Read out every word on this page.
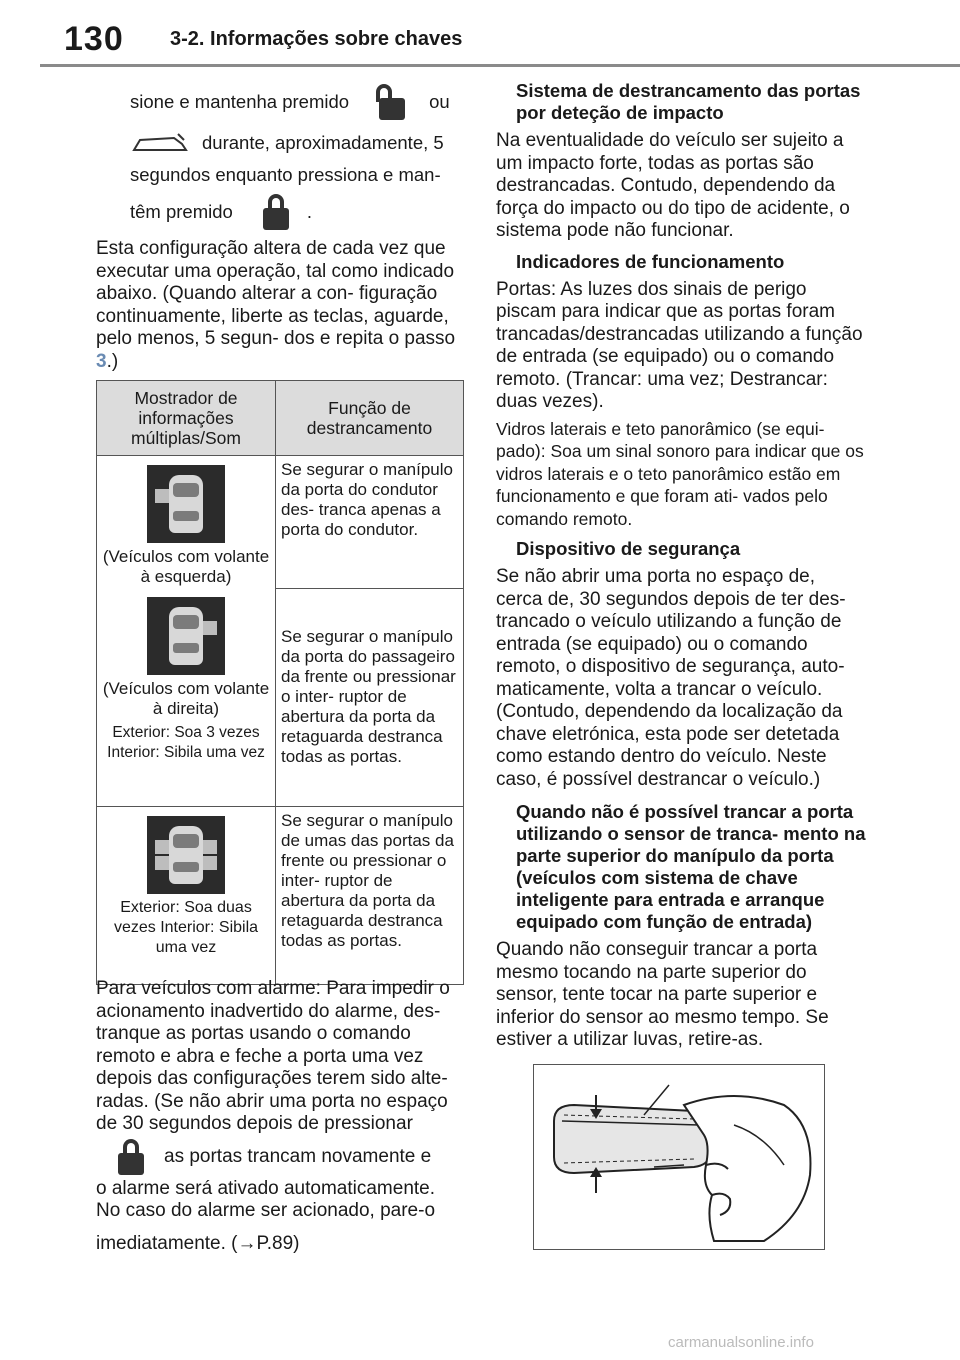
130 3-2. Informações sobre chaves
sione e mantenha premido	ou
durante, aproximadamente, 5
segundos enquanto pressiona e man-
têm premido	.

Esta configuração altera de cada vez que executar uma operação, tal como indicado abaixo. (Quando alterar a con- figuração continuamente, liberte as teclas, aguarde, pelo menos, 5 segun- dos e repita o passo 3.)

Mostrador de informações múltiplas/Som	Função de destrancamento

(Veículos com volante à esquerda)	Se segurar o manípulo da porta do condutor des- tranca apenas a porta do condutor.

(Veículos com volante à direita)
Exterior: Soa 3 vezes Interior: Sibila uma vez	Se segurar o manípulo da porta do passageiro da frente ou pressionar o inter- ruptor de abertura da porta da retaguarda destranca todas as portas.

Exterior: Soa duas vezes Interior: Sibila uma vez	Se segurar o manípulo de umas das portas da frente ou pressionar o inter- ruptor de abertura da porta da retaguarda destranca todas as portas.

Para veículos com alarme: Para impedir o acionamento inadvertido do alarme, des- tranque as portas usando o comando remoto e abra e feche a porta uma vez depois das configurações terem sido alte- radas. (Se não abrir uma porta no espaço de 30 segundos depois de pressionar

as portas trancam novamente e

o alarme será ativado automaticamente. No caso do alarme ser acionado, pare-o

imediatamente. (→P.89)

Sistema de destrancamento das portas por deteção de impacto

Na eventualidade do veículo ser sujeito a um impacto forte, todas as portas são destrancadas. Contudo, dependendo da força do impacto ou do tipo de acidente, o sistema pode não funcionar.

Indicadores de funcionamento

Portas: As luzes dos sinais de perigo piscam para indicar que as portas foram trancadas/destrancadas utilizando a função de entrada (se equipado) ou o comando remoto. (Trancar: uma vez; Destrancar: duas vezes).

Vidros laterais e teto panorâmico (se equi- pado): Soa um sinal sonoro para indicar que os vidros laterais e o teto panorâmico estão em funcionamento e que foram ati- vados pelo comando remoto.

Dispositivo de segurança

Se não abrir uma porta no espaço de, cerca de, 30 segundos depois de ter des- trancado o veículo utilizando a função de entrada (se equipado) ou o comando remoto, o dispositivo de segurança, auto- maticamente, volta a trancar o veículo. (Contudo, dependendo da localização da chave eletrónica, esta pode ser detetada como estando dentro do veículo. Neste caso, é possível destrancar o veículo.)

Quando não é possível trancar a porta utilizando o sensor de tranca- mento na parte superior do manípulo da porta (veículos com sistema de chave inteligente para entrada e arranque equipado com função de entrada)

Quando não conseguir trancar a porta mesmo tocando na parte superior do sensor, tente tocar na parte superior e inferior do sensor ao mesmo tempo. Se estiver a utilizar luvas, retire-as.

carmanualsonline.info
